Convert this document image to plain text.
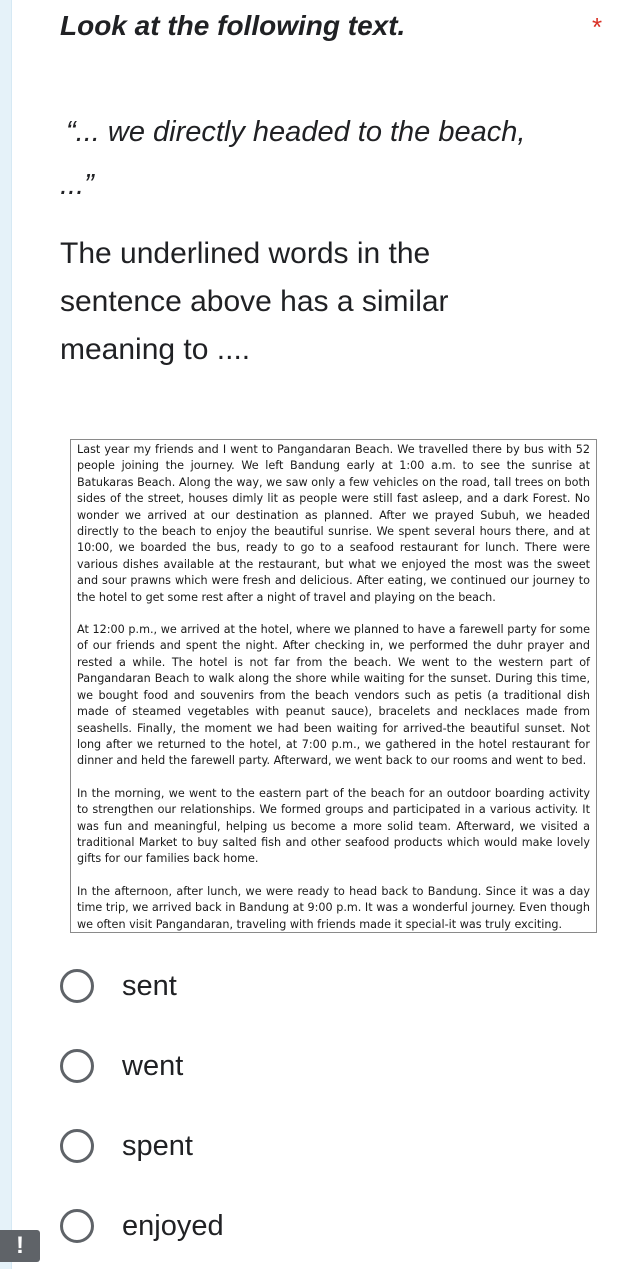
Look at the following text.	*
“... we directly headed to the beach,
...”
The underlined words in the sentence above has a similar meaning to ....

Last year my friends and I went to Pangandaran Beach. We travelled there by bus with 52 people joining the journey. We left Bandung early at 1:00 a.m. to see the sunrise at Batukaras Beach. Along the way, we saw only a few vehicles on the road, tall trees on both sides of the street, houses dimly lit as people were still fast asleep, and a dark Forest. No wonder we arrived at our destination as planned. After we prayed Subuh, we headed directly to the beach to enjoy the beautiful sunrise. We spent several hours there, and at 10:00, we boarded the bus, ready to go to a seafood restaurant for lunch. There were various dishes available at the restaurant, but what we enjoyed the most was the sweet and sour prawns which were fresh and delicious. After eating, we continued our journey to the hotel to get some rest after a night of travel and playing on the beach.

At 12:00 p.m., we arrived at the hotel, where we planned to have a farewell party for some of our friends and spent the night. After checking in, we performed the duhr prayer and rested a while. The hotel is not far from the beach. We went to the western part of Pangandaran Beach to walk along the shore while waiting for the sunset. During this time, we bought food and souvenirs from the beach vendors such as petis (a traditional dish made of steamed vegetables with peanut sauce), bracelets and necklaces made from seashells. Finally, the moment we had been waiting for arrived-the beautiful sunset. Not long after we returned to the hotel, at 7:00 p.m., we gathered in the hotel restaurant for dinner and held the farewell party. Afterward, we went back to our rooms and went to bed.

In the morning, we went to the eastern part of the beach for an outdoor boarding activity to strengthen our relationships. We formed groups and participated in a various activity. It was fun and meaningful, helping us become a more solid team. Afterward, we visited a traditional Market to buy salted fish and other seafood products which would make lovely gifts for our families back home.

In the afternoon, after lunch, we were ready to head back to Bandung. Since it was a day time trip, we arrived back in Bandung at 9:00 p.m. It was a wonderful journey. Even though we often visit Pangandaran, traveling with friends made it special-it was truly exciting.

sent
went
spent
enjoyed
!
